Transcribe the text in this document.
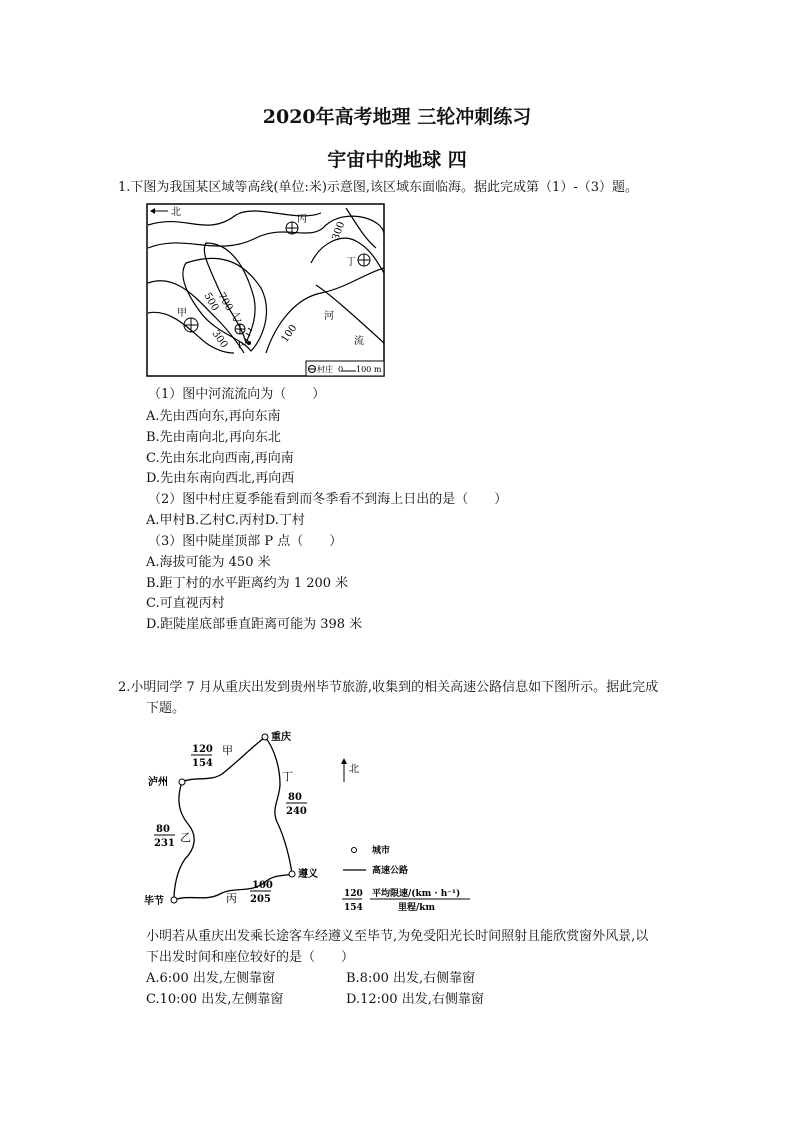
2020年高考地理 三轮冲刺练习
宇宙中的地球 四
1.下图为我国某区域等高线(单位:米)示意图,该区域东面临海。据此完成第（1）-（3）题。
北
700
500
300	100
300
丙
丁
甲	乙
P
河
流
村庄 0 100 m
（1）图中河流流向为（　　）
A.先由西向东,再向东南
B.先由南向北,再向东北
C.先由东北向西南,再向南
D.先由东南向西北,再向西
（2）图中村庄夏季能看到而冬季看不到海上日出的是（　　）
A.甲村B.乙村C.丙村D.丁村
（3）图中陡崖顶部 P 点（　　）
A.海拔可能为 450 米
B.距丁村的水平距离约为 1 200 米
C.可直视丙村
D.距陡崖底部垂直距离可能为 398 米
2.小明同学 7 月从重庆出发到贵州毕节旅游,收集到的相关高速公路信息如下图所示。据此完成
下题。
重庆
泸州
遵义
毕节
甲
乙
丙
丁
120
154
80
240
80
231
100
205
北
城市
高速公路
120
154
平均限速/(km · h⁻¹)
里程/km
小明若从重庆出发乘长途客车经遵义至毕节,为免受阳光长时间照射且能欣赏窗外风景,以
下出发时间和座位较好的是（　　）
A.6:00 出发,左侧靠窗	B.8:00 出发,右侧靠窗
C.10:00 出发,左侧靠窗	D.12:00 出发,右侧靠窗
